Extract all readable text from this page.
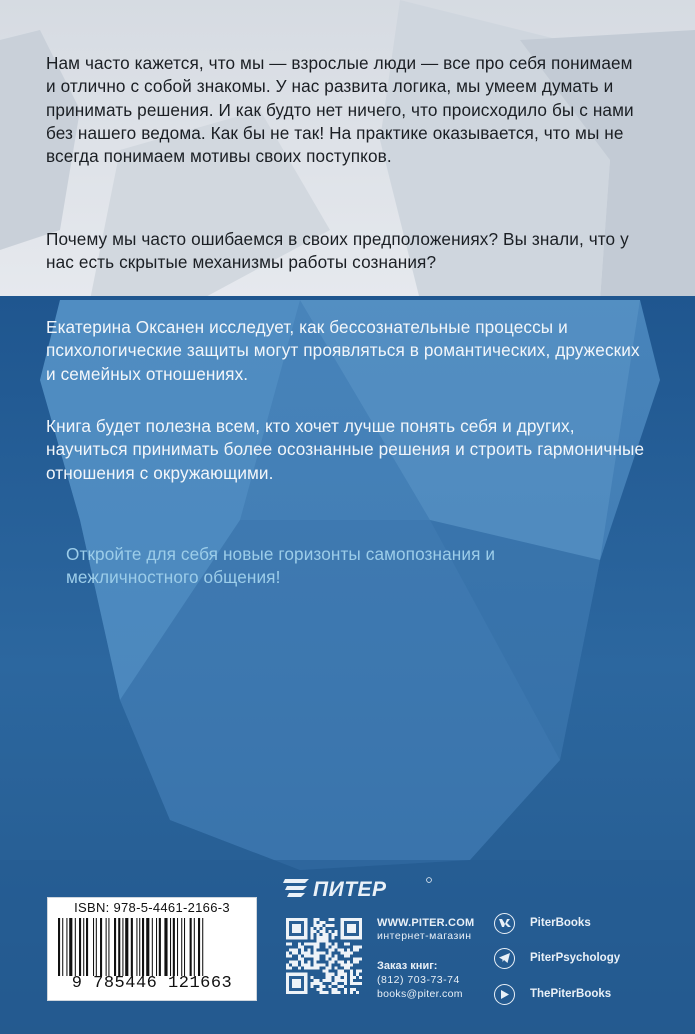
Нам часто кажется, что мы — взрослые люди — все про себя понимаем и отлично с собой знакомы. У нас развита логика, мы умеем думать и принимать решения. И как будто нет ничего, что происходило бы с нами без нашего ведома. Как бы не так! На практике оказывается, что мы не всегда понимаем мотивы своих поступков.

Почему мы часто ошибаемся в своих предположениях? Вы знали, что у нас есть скрытые механизмы работы сознания?

Екатерина Оксанен исследует, как бессознательные процессы и психологические защиты могут проявляться в романтических, дружеских и семейных отношениях.

Книга будет полезна всем, кто хочет лучше понять себя и других, научиться принимать более осознанные решения и строить гармоничные отношения с окружающими.

Откройте для себя новые горизонты самопознания и межличностного общения!

ISBN: 978-5-4461-2166-3
9 785446 121663
ПИТЕР

WWW.PITER.COM

интернет-магазин

Заказ книг:

(812) 703-73-74

books@piter.com

PiterBooks
PiterPsychology
ThePiterBooks
